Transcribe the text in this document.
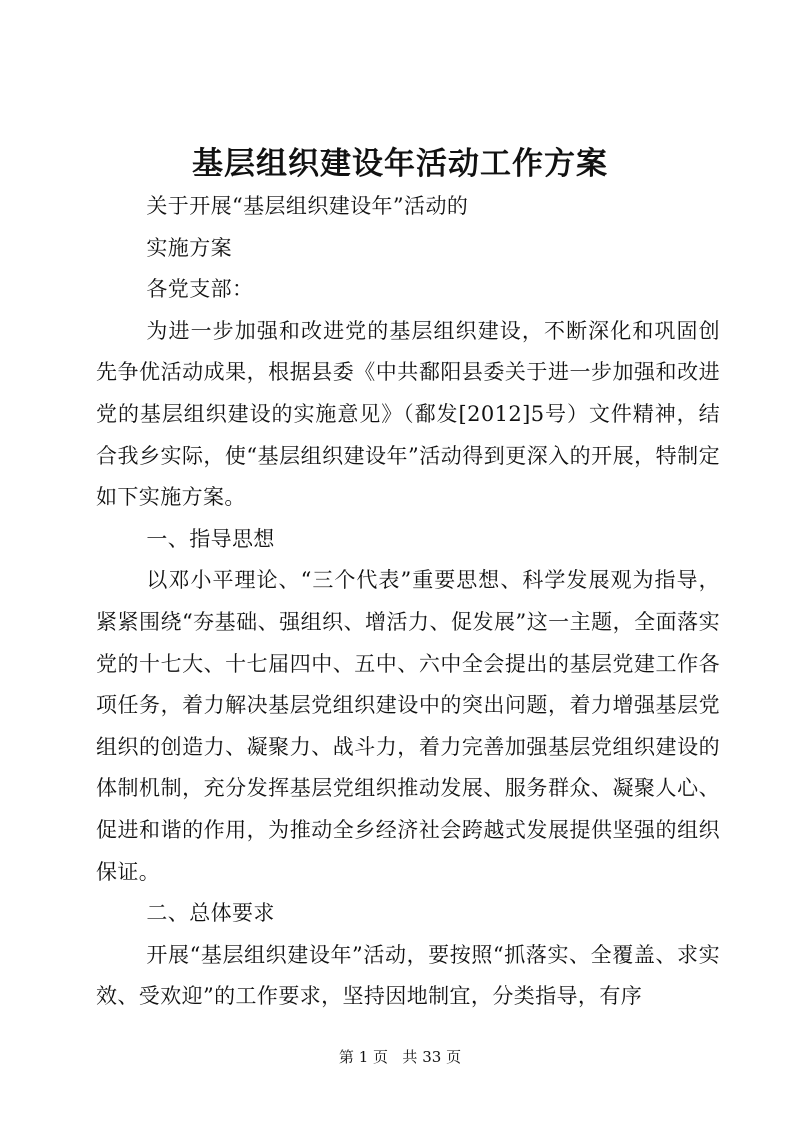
基层组织建设年活动工作方案

关于开展“基层组织建设年”活动的

实施方案

各党支部：

为进一步加强和改进党的基层组织建设，不断深化和巩固创先争优活动成果，根据县委《中共鄱阳县委关于进一步加强和改进党的基层组织建设的实施意见》（鄱发[2012]5号）文件精神，结合我乡实际，使“基层组织建设年”活动得到更深入的开展，特制定如下实施方案。

一、指导思想

以邓小平理论、“三个代表”重要思想、科学发展观为指导，紧紧围绕“夯基础、强组织、增活力、促发展”这一主题，全面落实党的十七大、十七届四中、五中、六中全会提出的基层党建工作各项任务，着力解决基层党组织建设中的突出问题，着力增强基层党组织的创造力、凝聚力、战斗力，着力完善加强基层党组织建设的体制机制，充分发挥基层党组织推动发展、服务群众、凝聚人心、促进和谐的作用，为推动全乡经济社会跨越式发展提供坚强的组织保证。

二、总体要求

开展“基层组织建设年”活动，要按照“抓落实、全覆盖、求实效、受欢迎”的工作要求，坚持因地制宜，分类指导，有序

第 1 页 共 33 页
